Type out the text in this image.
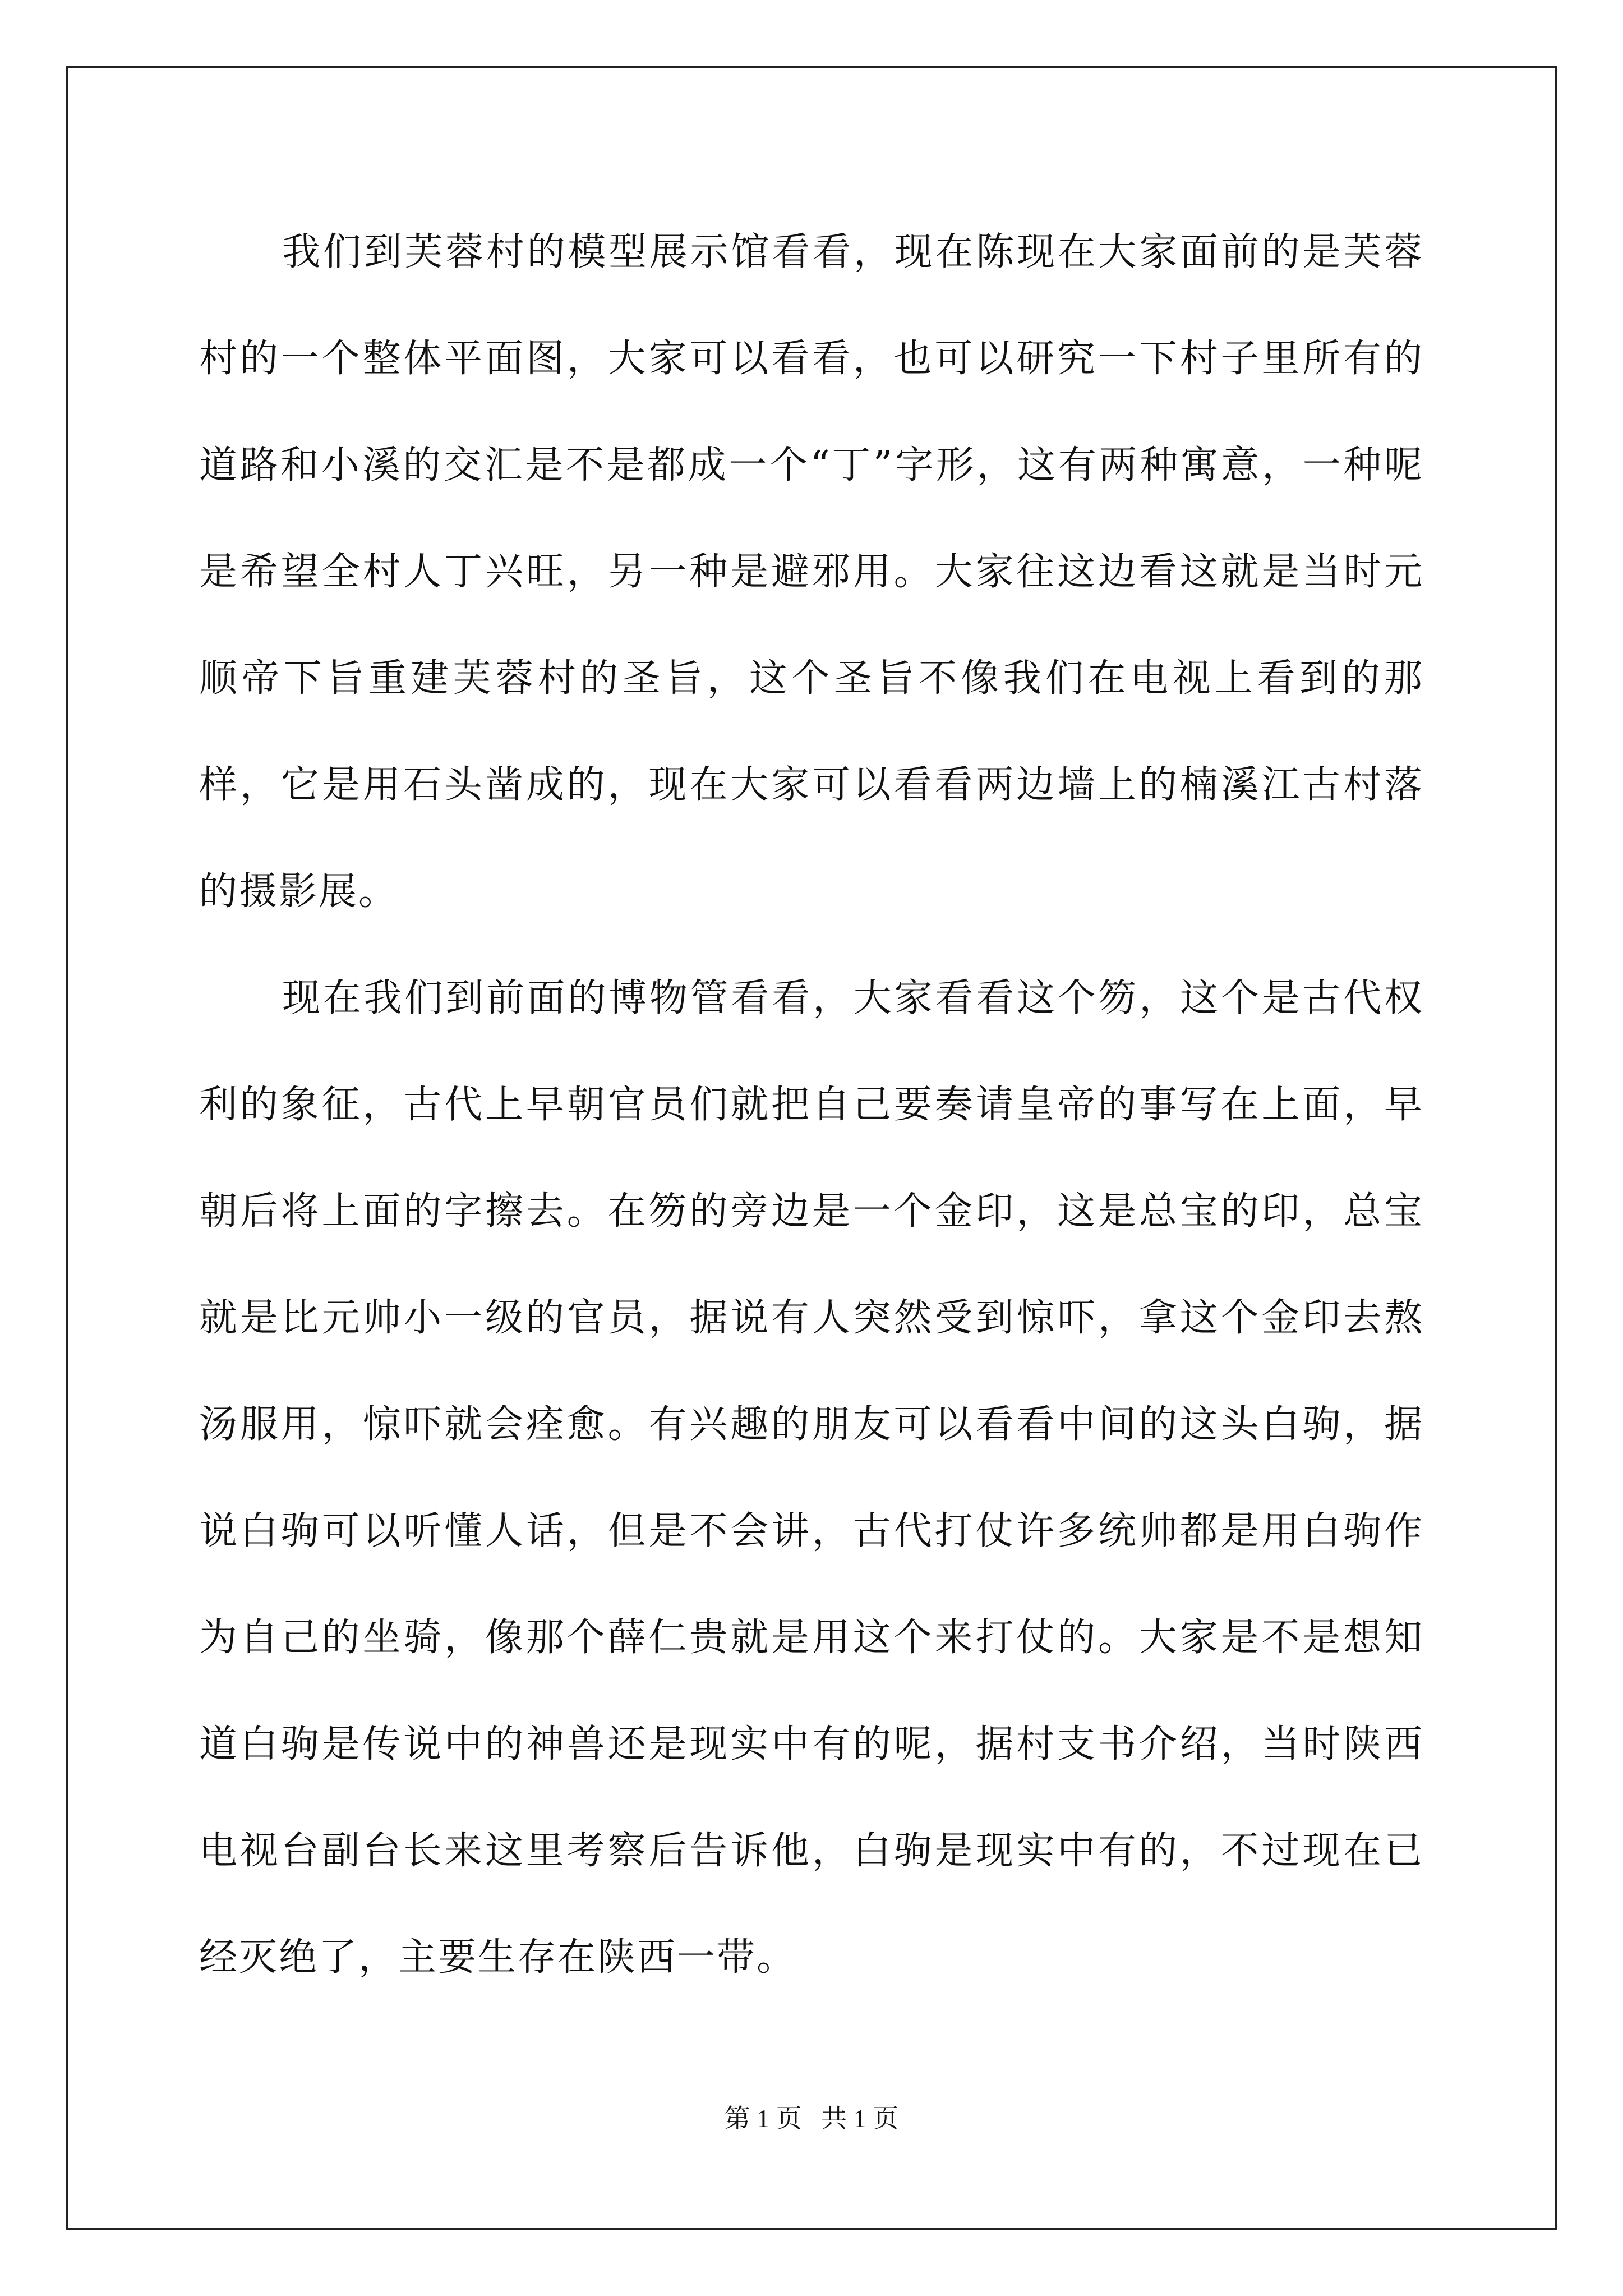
我们到芙蓉村的模型展示馆看看，现在陈现在大家面前的是芙蓉村的一个整体平面图，大家可以看看，也可以研究一下村子里所有的道路和小溪的交汇是不是都成一个“丁”字形，这有两种寓意，一种呢是希望全村人丁兴旺，另一种是避邪用。大家往这边看这就是当时元顺帝下旨重建芙蓉村的圣旨，这个圣旨不像我们在电视上看到的那样，它是用石头凿成的，现在大家可以看看两边墙上的楠溪江古村落的摄影展。

现在我们到前面的博物管看看，大家看看这个笏，这个是古代权利的象征，古代上早朝官员们就把自己要奏请皇帝的事写在上面，早朝后将上面的字擦去。在笏的旁边是一个金印，这是总宝的印，总宝就是比元帅小一级的官员，据说有人突然受到惊吓，拿这个金印去熬汤服用，惊吓就会痊愈。有兴趣的朋友可以看看中间的这头白驹，据说白驹可以听懂人话，但是不会讲，古代打仗许多统帅都是用白驹作为自己的坐骑，像那个薛仁贵就是用这个来打仗的。大家是不是想知道白驹是传说中的神兽还是现实中有的呢，据村支书介绍，当时陕西电视台副台长来这里考察后告诉他，白驹是现实中有的，不过现在已经灭绝了，主要生存在陕西一带。

第 1 页   共 1 页
